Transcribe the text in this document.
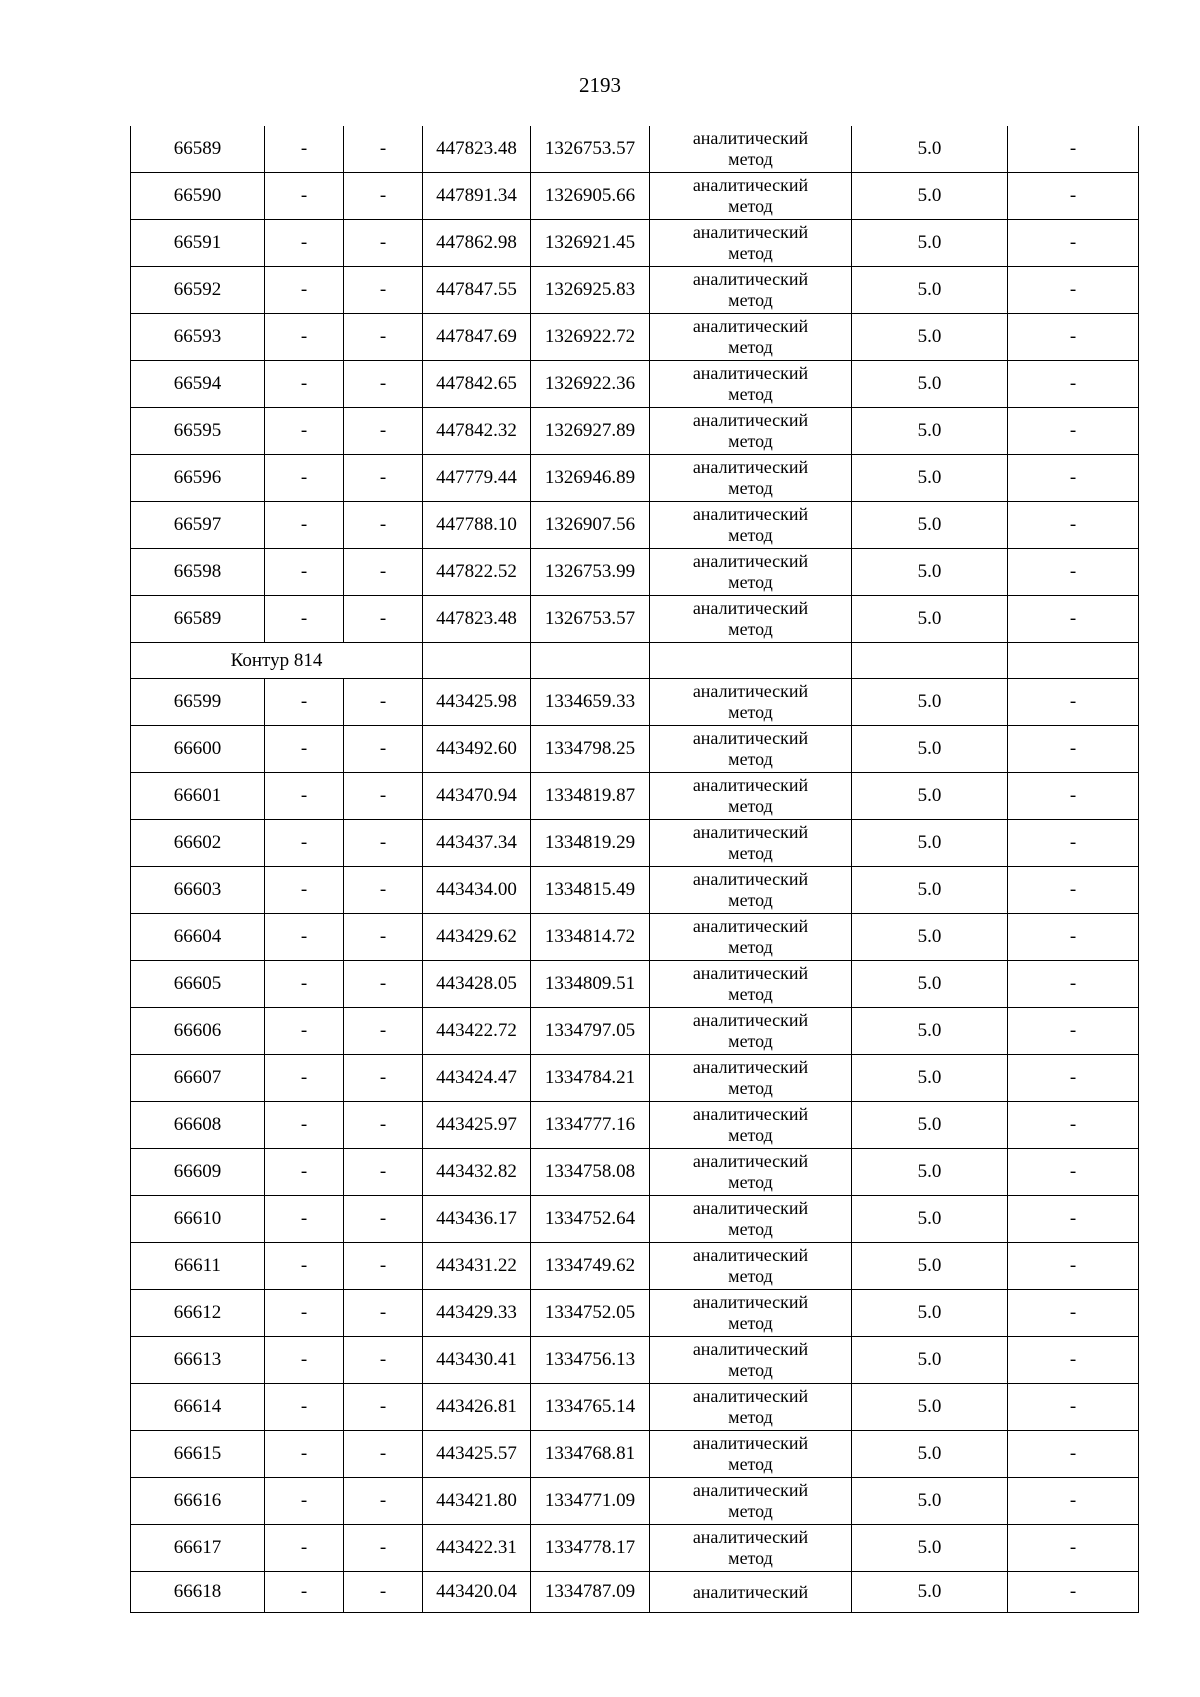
2193
66589	-	-	447823.48	1326753.57	аналитический
метод	5.0	-
66590	-	-	447891.34	1326905.66	аналитический
метод	5.0	-
66591	-	-	447862.98	1326921.45	аналитический
метод	5.0	-
66592	-	-	447847.55	1326925.83	аналитический
метод	5.0	-
66593	-	-	447847.69	1326922.72	аналитический
метод	5.0	-
66594	-	-	447842.65	1326922.36	аналитический
метод	5.0	-
66595	-	-	447842.32	1326927.89	аналитический
метод	5.0	-
66596	-	-	447779.44	1326946.89	аналитический
метод	5.0	-
66597	-	-	447788.10	1326907.56	аналитический
метод	5.0	-
66598	-	-	447822.52	1326753.99	аналитический
метод	5.0	-
66589	-	-	447823.48	1326753.57	аналитический
метод	5.0	-
Контур 814							
66599	-	-	443425.98	1334659.33	аналитический
метод	5.0	-
66600	-	-	443492.60	1334798.25	аналитический
метод	5.0	-
66601	-	-	443470.94	1334819.87	аналитический
метод	5.0	-
66602	-	-	443437.34	1334819.29	аналитический
метод	5.0	-
66603	-	-	443434.00	1334815.49	аналитический
метод	5.0	-
66604	-	-	443429.62	1334814.72	аналитический
метод	5.0	-
66605	-	-	443428.05	1334809.51	аналитический
метод	5.0	-
66606	-	-	443422.72	1334797.05	аналитический
метод	5.0	-
66607	-	-	443424.47	1334784.21	аналитический
метод	5.0	-
66608	-	-	443425.97	1334777.16	аналитический
метод	5.0	-
66609	-	-	443432.82	1334758.08	аналитический
метод	5.0	-
66610	-	-	443436.17	1334752.64	аналитический
метод	5.0	-
66611	-	-	443431.22	1334749.62	аналитический
метод	5.0	-
66612	-	-	443429.33	1334752.05	аналитический
метод	5.0	-
66613	-	-	443430.41	1334756.13	аналитический
метод	5.0	-
66614	-	-	443426.81	1334765.14	аналитический
метод	5.0	-
66615	-	-	443425.57	1334768.81	аналитический
метод	5.0	-
66616	-	-	443421.80	1334771.09	аналитический
метод	5.0	-
66617	-	-	443422.31	1334778.17	аналитический
метод	5.0	-
66618	-	-	443420.04	1334787.09	аналитический	5.0	-
